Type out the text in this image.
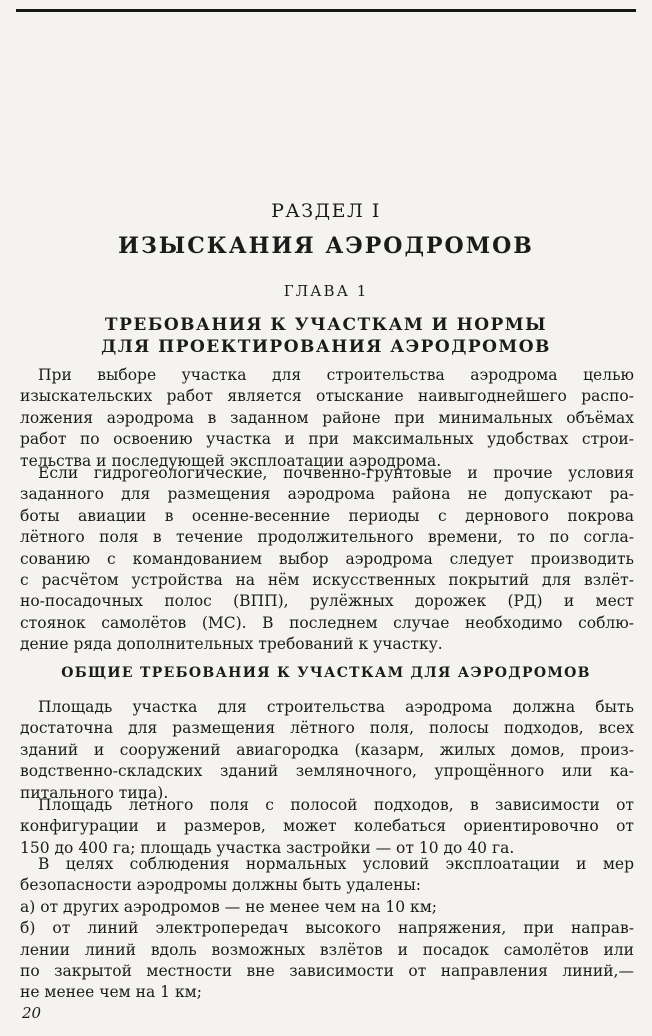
РАЗДЕЛ I
ИЗЫСКАНИЯ АЭРОДРОМОВ
ГЛАВА 1
ТРЕБОВАНИЯ К УЧАСТКАМ И НОРМЫ
ДЛЯ ПРОЕКТИРОВАНИЯ АЭРОДРОМОВ
При выборе участка для строительства аэродрома целью
изыскательских работ является отыскание наивыгоднейшего распо-
ложения аэродрома в заданном районе при минимальных объёмах
работ по освоению участка и при максимальных удобствах строи-
тельства и последующей эксплоатации аэродрома.
Если гидрогеологические, почвенно-грунтовые и прочие условия
заданного для размещения аэродрома района не допускают ра-
боты авиации в осенне-весенние периоды с дернового покрова
лётного поля в течение продолжительного времени, то по согла-
сованию с командованием выбор аэродрома следует производить
с расчётом устройства на нём искусственных покрытий для взлёт-
но-посадочных полос (ВПП), рулёжных дорожек (РД) и мест
стоянок самолётов (МС). В последнем случае необходимо соблю-
дение ряда дополнительных требований к участку.
ОБЩИЕ ТРЕБОВАНИЯ К УЧАСТКАМ ДЛЯ АЭРОДРОМОВ
Площадь участка для строительства аэродрома должна быть
достаточна для размещения лётного поля, полосы подходов, всех
зданий и сооружений авиагородка (казарм, жилых домов, произ-
водственно-складских зданий земляночного, упрощённого или ка-
питального типа).
Площадь лётного поля с полосой подходов, в зависимости от
конфигурации и размеров, может колебаться ориентировочно от
150 до 400 га; площадь участка застройки — от 10 до 40 га.
В целях соблюдения нормальных условий эксплоатации и мер
безопасности аэродромы должны быть удалены:
а) от других аэродромов — не менее чем на 10 км;
б) от линий электропередач высокого напряжения, при направ-
лении линий вдоль возможных взлётов и посадок самолётов или
по закрытой местности вне зависимости от направления линий,—
не менее чем на 1 км;
20
